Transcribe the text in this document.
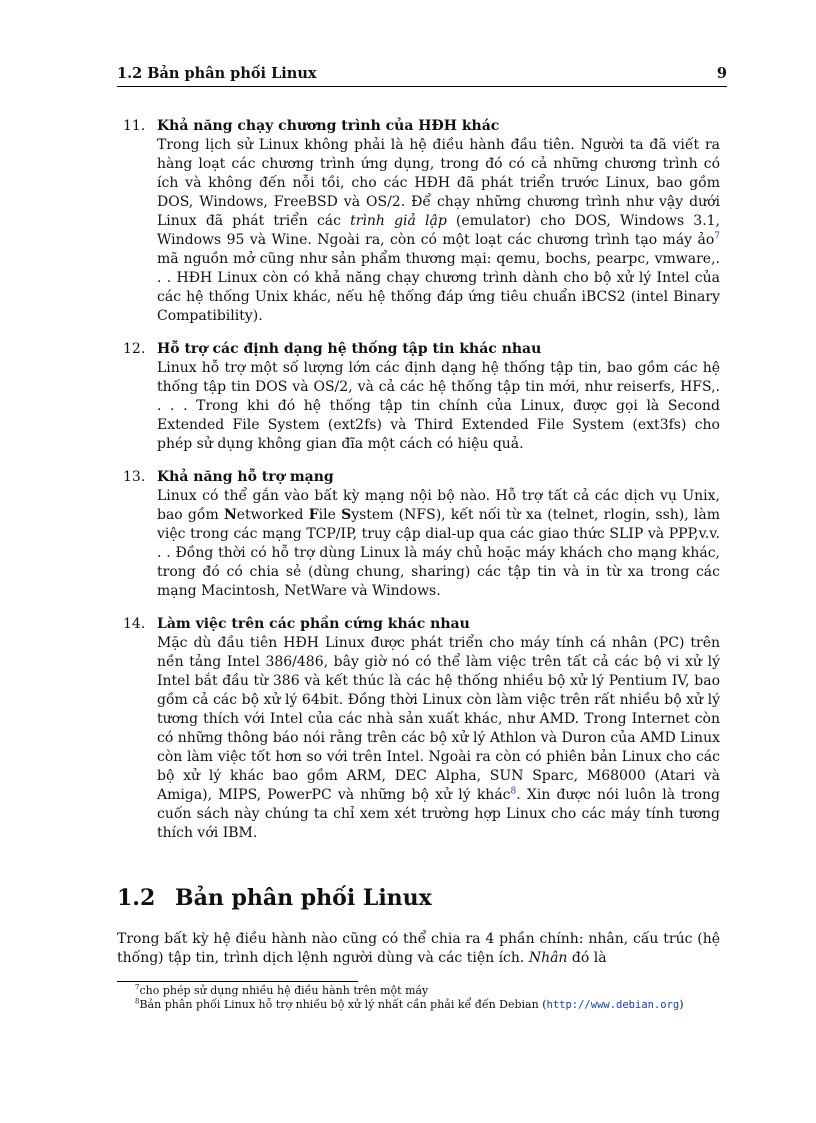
1.2 Bản phân phối Linux	9
11. Khả năng chạy chương trình của HĐH khác
Trong lịch sử Linux không phải là hệ điều hành đầu tiên. Người ta đã viết ra hàng loạt các chương trình ứng dụng, trong đó có cả những chương trình có ích và không đến nỗi tồi, cho các HĐH đã phát triển trước Linux, bao gồm DOS, Windows, FreeBSD và OS/2. Để chạy những chương trình như vậy dưới Linux đã phát triển các trình giả lập (emulator) cho DOS, Windows 3.1, Windows 95 và Wine. Ngoài ra, còn có một loạt các chương trình tạo máy ảo$^7$ mã nguồn mở cũng như sản phẩm thương mại: qemu, bochs, pearpc, vmware,. . . HĐH Linux còn có khả năng chạy chương trình dành cho bộ xử lý Intel của các hệ thống Unix khác, nếu hệ thống đáp ứng tiêu chuẩn iBCS2 (intel Binary Compatibility).
12. Hỗ trợ các định dạng hệ thống tập tin khác nhau
Linux hỗ trợ một số lượng lớn các định dạng hệ thống tập tin, bao gồm các hệ thống tập tin DOS và OS/2, và cả các hệ thống tập tin mới, như reiserfs, HFS,. . . . Trong khi đó hệ thống tập tin chính của Linux, được gọi là Second Extended File System (ext2fs) và Third Extended File System (ext3fs) cho phép sử dụng không gian đĩa một cách có hiệu quả.
13. Khả năng hỗ trợ mạng
Linux có thể gắn vào bất kỳ mạng nội bộ nào. Hỗ trợ tất cả các dịch vụ Unix, bao gồm Networked File System (NFS), kết nối từ xa (telnet, rlogin, ssh), làm việc trong các mạng TCP/IP, truy cập dial-up qua các giao thức SLIP và PPP,v.v. . . Đồng thời có hỗ trợ dùng Linux là máy chủ hoặc máy khách cho mạng khác, trong đó có chia sẻ (dùng chung, sharing) các tập tin và in từ xa trong các mạng Macintosh, NetWare và Windows.
14. Làm việc trên các phần cứng khác nhau
Mặc dù đầu tiên HĐH Linux được phát triển cho máy tính cá nhân (PC) trên nền tảng Intel 386/486, bây giờ nó có thể làm việc trên tất cả các bộ vi xử lý Intel bắt đầu từ 386 và kết thúc là các hệ thống nhiều bộ xử lý Pentium IV, bao gồm cả các bộ xử lý 64bit. Đồng thời Linux còn làm việc trên rất nhiều bộ xử lý tương thích với Intel của các nhà sản xuất khác, như AMD. Trong Internet còn có những thông báo nói rằng trên các bộ xử lý Athlon và Duron của AMD Linux còn làm việc tốt hơn so với trên Intel. Ngoài ra còn có phiên bản Linux cho các bộ xử lý khác bao gồm ARM, DEC Alpha, SUN Sparc, M68000 (Atari và Amiga), MIPS, PowerPC và những bộ xử lý khác$^8$. Xin được nói luôn là trong cuốn sách này chúng ta chỉ xem xét trường hợp Linux cho các máy tính tương thích với IBM.
1.2 Bản phân phối Linux
Trong bất kỳ hệ điều hành nào cũng có thể chia ra 4 phần chính: nhân, cấu trúc (hệ thống) tập tin, trình dịch lệnh người dùng và các tiện ích. Nhân đó là
$^7$cho phép sử dụng nhiều hệ điều hành trên một máy
$^8$Bản phân phối Linux hỗ trợ nhiều bộ xử lý nhất cần phải kể đến Debian (http://www.debian.org)
